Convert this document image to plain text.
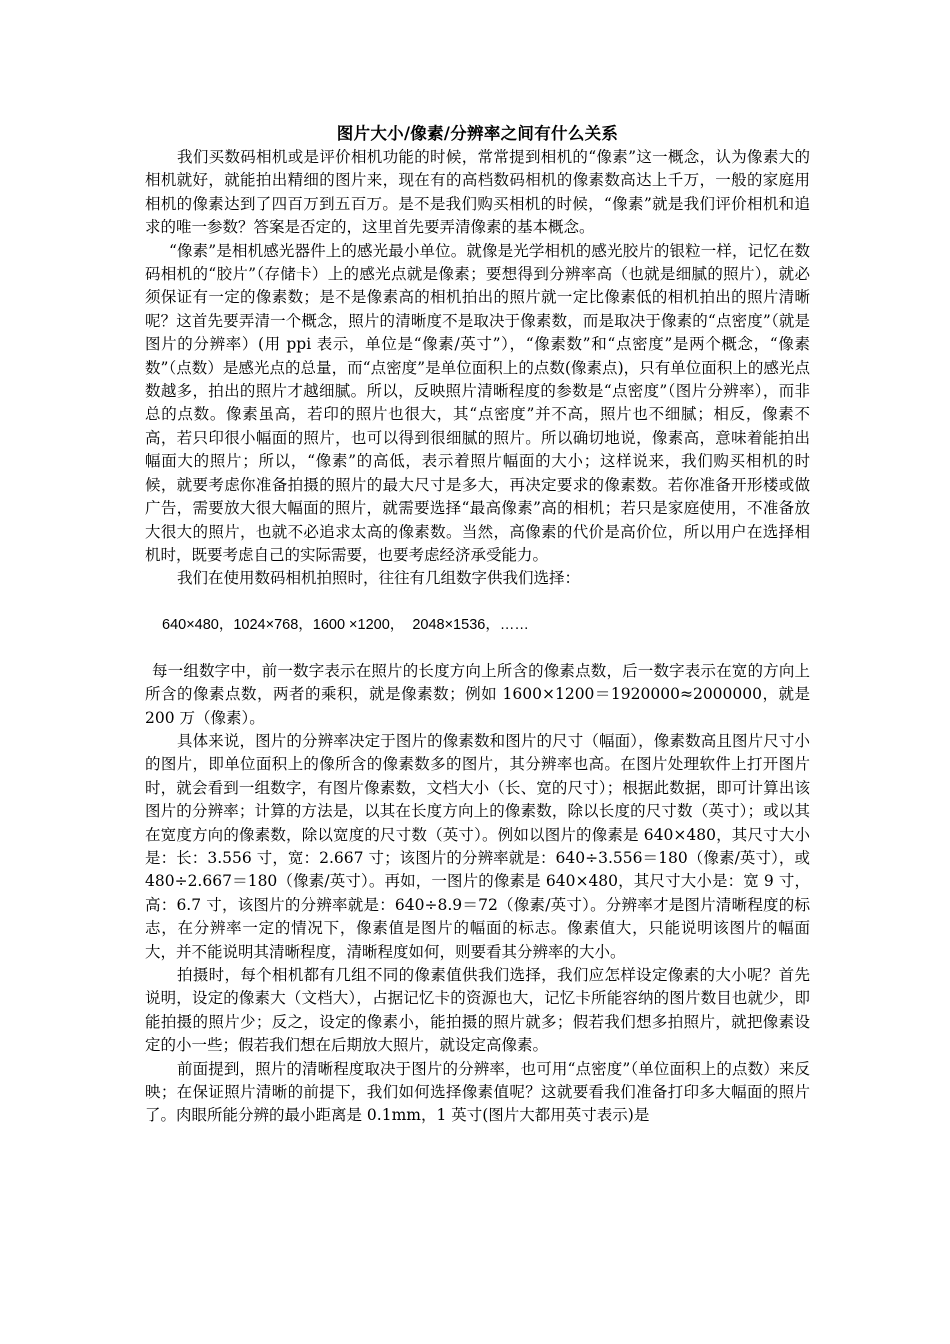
图片大小/像素/分辨率之间有什么关系

我们买数码相机或是评价相机功能的时候，常常提到相机的“像素”这一概念，认为像素大的相机就好，就能拍出精细的图片来，现在有的高档数码相机的像素数高达上千万，一般的家庭用相机的像素达到了四百万到五百万。是不是我们购买相机的时候，“像素”就是我们评价相机和追求的唯一参数？答案是否定的，这里首先要弄清像素的基本概念。

“像素”是相机感光器件上的感光最小单位。就像是光学相机的感光胶片的银粒一样，记忆在数码相机的“胶片”（存储卡）上的感光点就是像素；要想得到分辨率高（也就是细腻的照片），就必须保证有一定的像素数；是不是像素高的相机拍出的照片就一定比像素低的相机拍出的照片清晰呢？这首先要弄清一个概念，照片的清晰度不是取决于像素数，而是取决于像素的“点密度”（就是图片的分辨率）(用 ppi 表示，单位是“像素/英寸”），“像素数”和“点密度”是两个概念，“像素数”（点数）是感光点的总量，而“点密度”是单位面积上的点数(像素点)，只有单位面积上的感光点数越多，拍出的照片才越细腻。所以，反映照片清晰程度的参数是“点密度”（图片分辨率），而非总的点数。像素虽高，若印的照片也很大，其“点密度”并不高，照片也不细腻；相反，像素不高，若只印很小幅面的照片，也可以得到很细腻的照片。所以确切地说，像素高，意味着能拍出幅面大的照片；所以，“像素”的高低，表示着照片幅面的大小；这样说来，我们购买相机的时候，就要考虑你准备拍摄的照片的最大尺寸是多大，再决定要求的像素数。若你准备开形楼或做广告，需要放大很大幅面的照片，就需要选择“最高像素”高的相机；若只是家庭使用，不准备放大很大的照片，也就不必追求太高的像素数。当然，高像素的代价是高价位，所以用户在选择相机时，既要考虑自己的实际需要，也要考虑经济承受能力。

我们在使用数码相机拍照时，往往有几组数字供我们选择：

640×480，1024×768，1600 ×1200，  2048×1536，……

每一组数字中，前一数字表示在照片的长度方向上所含的像素点数，后一数字表示在宽的方向上所含的像素点数，两者的乘积，就是像素数；例如 1600×1200＝1920000≈2000000，就是 200 万（像素）。

具体来说，图片的分辨率决定于图片的像素数和图片的尺寸（幅面），像素数高且图片尺寸小的图片，即单位面积上的像所含的像素数多的图片，其分辨率也高。在图片处理软件上打开图片时，就会看到一组数字，有图片像素数，文档大小（长、宽的尺寸）；根据此数据，即可计算出该图片的分辨率；计算的方法是，以其在长度方向上的像素数，除以长度的尺寸数（英寸）；或以其在宽度方向的像素数，除以宽度的尺寸数（英寸）。例如以图片的像素是 640×480，其尺寸大小是：长：3.556 寸，宽：2.667 寸；该图片的分辨率就是：640÷3.556＝180（像素/英寸），或 480÷2.667＝180（像素/英寸）。再如，一图片的像素是 640×480，其尺寸大小是：宽 9 寸，高：6.7 寸，该图片的分辨率就是：640÷8.9＝72（像素/英寸）。分辨率才是图片清晰程度的标志，在分辨率一定的情况下，像素值是图片的幅面的标志。像素值大，只能说明该图片的幅面大，并不能说明其清晰程度，清晰程度如何，则要看其分辨率的大小。

拍摄时，每个相机都有几组不同的像素值供我们选择，我们应怎样设定像素的大小呢？首先说明，设定的像素大（文档大），占据记忆卡的资源也大，记忆卡所能容纳的图片数目也就少，即能拍摄的照片少；反之，设定的像素小，能拍摄的照片就多；假若我们想多拍照片，就把像素设定的小一些；假若我们想在后期放大照片，就设定高像素。

前面提到，照片的清晰程度取决于图片的分辨率，也可用“点密度”（单位面积上的点数）来反映；在保证照片清晰的前提下，我们如何选择像素值呢？这就要看我们准备打印多大幅面的照片了。肉眼所能分辨的最小距离是 0.1mm，1 英寸(图片大都用英寸表示)是
